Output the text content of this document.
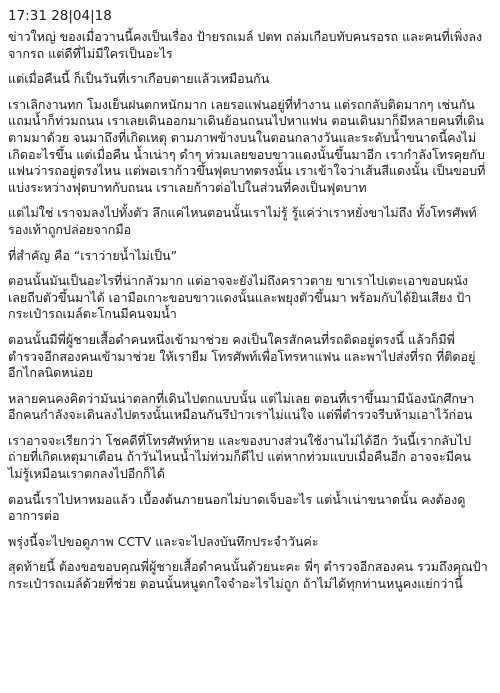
17:31 28|04|18

ข่าวใหญ่ ของเมื่อวานนี้คงเป็นเรื่อง ป้ายรถเมล์ ปตท ถล่มเกือบทับคนรอรถ และคนที่เพิ่งลงจากรถ แต่ดีที่ไม่มีใครเป็นอะไร

แต่เมื่อคืนนี้ ก็เป็นวันที่เราเกือบตายแล้วเหมือนกัน

เราเลิกงานทก โมงเย็นฝนตกหนักมาก เลยรอแฟนอยู่ที่ทำงาน แต่รถกลับติดมากๆ เช่นกัน แถมน้ำก็ท่วมถนน เราเลยเดินออกมาเดินย้อนถนนไปหาแฟน ตอนเดินมาก็มีหลายคนที่เดินตามมาด้วย จนมาถึงที่เกิดเหตุ ตามภาพข้างบนในตอนกลางวันและระดับน้ำขนาดนี้คงไม่เกิดอะไรขึ้น แต่เมื่อคืน น้ำเน่าๆ ดำๆ ท่วมเลยขอบขาวแดงนั้นขึ้นมาอีก เรากำลังโทรคุยกับแฟนว่ารถอยู่ตรงไหน แต่พอเราก้าวขึ้นฟุตบาทตรงนั้น เราเข้าใจว่าเส้นสีแดงนั้น เป็นขอบที่แบ่งระหว่างฟุตบาทกับถนน เราเลยก้าวต่อไปในส่วนที่คงเป็นฟุตบาท

แต่ไม่ใช่ เราจมลงไปทั้งตัว ลึกแค่ไหนตอนนั้นเราไม่รู้ รู้แค่ว่าเราหยั่งขาไม่ถึง ทั้งโทรศัพท์ รองเท้าถูกปล่อยจากมือ

ที่สำคัญ คือ “เราว่ายน้ำไม่เป็น”

ตอนนั้นมันเป็นอะไรที่น่ากลัวมาก แต่อาจจะยังไม่ถึงคราวตาย ขาเราไปเตะเอาขอบผนัง เลยถีบตัวขึ้นมาได้ เอามือเกาะขอบขาวแดงนั้นและพยุงตัวขึ้นมา พร้อมกับได้ยินเสียง ป้ากระเป๋ารถเมล์ตะโกนมีคนจมน้ำ

ตอนนั้นมีพี่ผู้ชายเสื้อดำคนหนึ่งเข้ามาช่วย คงเป็นใครสักคนที่รถติดอยู่ตรงนี้ แล้วก็มีพี่ตำรวจอีกสองคนเข้ามาช่วย ให้เรายืม โทรศัพท์เพื่อโทรหาแฟน และพาไปส่งที่รถ ที่ติดอยู่อีกไกลนิดหน่อย

หลายคนคงคิดว่ามันน่าตลกที่เดินไปตกแบบนั้น แต่ไม่เลย ตอนที่เราขึ้นมามีน้องนักศึกษาอีกคนกำลังจะเดินลงไปตรงนั้นเหมือนกันรึป่าวเราไม่แน่ใจ แต่พี่ตำรวจรีบห้ามเอาไว้ก่อน

เราอาจจะเรียกว่า โชคดีที่โทรศัพท์หาย และของบางส่วนใช้งานไม่ได้อีก วันนี้เรากลับไปถ่ายที่เกิดเหตุมาเตือน ถ้าวันไหนน้ำไม่ท่วมก็ดีไป แต่หากท่วมแบบเมื่อคืนอีก อาจจะมีคนไม่รู้เหมือนเราตกลงไปอีกก็ได้

ตอนนี้เราไปหาหมอแล้ว เบื้องต้นภายนอกไม่บาดเจ็บอะไร แต่น้ำเน่าขนาดนั้น คงต้องดูอาการต่อ

พรุ่งนี้จะไปขอดูภาพ CCTV และจะไปลงบันทึกประจำวันค่ะ

สุดท้ายนี้ ต้องขอขอบคุณพี่ผู้ชายเสื้อดำคนนั้นด้วยนะคะ พี่ๆ ตำรวจอีกสองคน รวมถึงคุณป้ากระเป๋ารถเมล์ด้วยที่ช่วย ตอนนั้นหนูตกใจจำอะไรไม่ถูก ถ้าไม่ได้ทุกท่านหนูคงแย่กว่านี้
